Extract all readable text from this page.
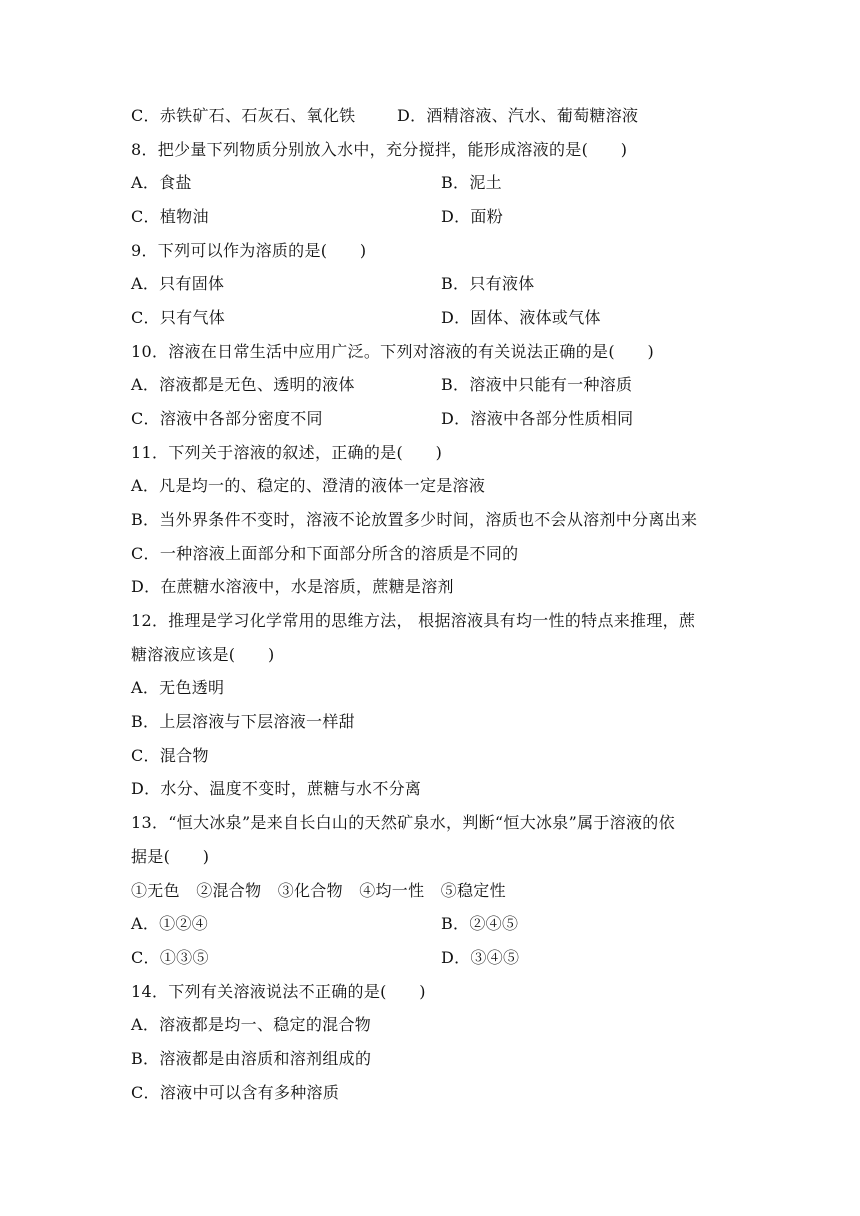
C．赤铁矿石、石灰石、氧化铁	D．酒精溶液、汽水、葡萄糖溶液
8．把少量下列物质分别放入水中，充分搅拌，能形成溶液的是(　　)
A．食盐	B．泥土
C．植物油	D．面粉
9．下列可以作为溶质的是(　　)
A．只有固体	B．只有液体
C．只有气体	D．固体、液体或气体
10．溶液在日常生活中应用广泛。下列对溶液的有关说法正确的是(　　)
A．溶液都是无色、透明的液体	B．溶液中只能有一种溶质
C．溶液中各部分密度不同	D．溶液中各部分性质相同
11．下列关于溶液的叙述，正确的是(　　)
A．凡是均一的、稳定的、澄清的液体一定是溶液
B．当外界条件不变时，溶液不论放置多少时间，溶质也不会从溶剂中分离出来
C．一种溶液上面部分和下面部分所含的溶质是不同的
D．在蔗糖水溶液中，水是溶质，蔗糖是溶剂
12．推理是学习化学常用的思维方法， 根据溶液具有均一性的特点来推理，蔗
糖溶液应该是(　　)
A．无色透明
B．上层溶液与下层溶液一样甜
C．混合物
D．水分、温度不变时，蔗糖与水不分离
13．“恒大冰泉”是来自长白山的天然矿泉水，判断“恒大冰泉”属于溶液的依
据是(　　)
①无色　②混合物　③化合物　④均一性　⑤稳定性
A．①②④	B．②④⑤
C．①③⑤	D．③④⑤
14．下列有关溶液说法不正确的是(　　)
A．溶液都是均一、稳定的混合物
B．溶液都是由溶质和溶剂组成的
C．溶液中可以含有多种溶质
